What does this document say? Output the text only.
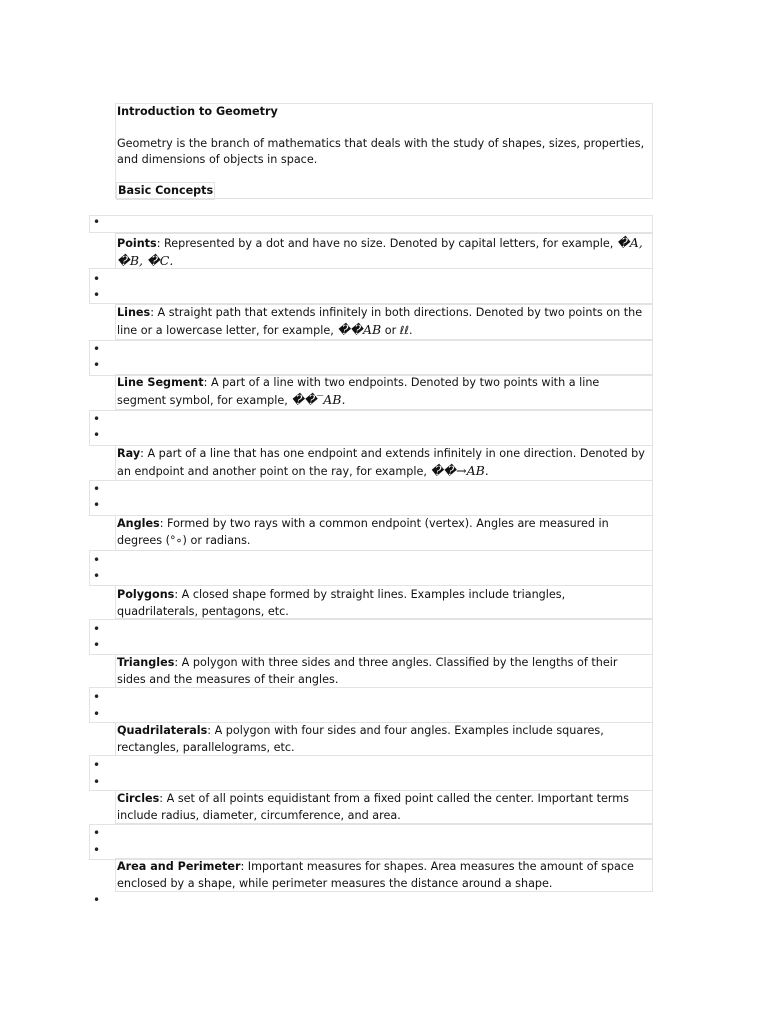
Introduction to Geometry
Geometry is the branch of mathematics that deals with the study of shapes, sizes, properties, and dimensions of objects in space.
Basic Concepts
•
•
•
Points: Represented by a dot and have no size. Denoted by capital letters, for example, �𝐴, �𝐵, �𝐶.
•
•
Lines: A straight path that extends infinitely in both directions. Denoted by two points on the line or a lowercase letter, for example, ��𝐴𝐵 or ℓℓ.
•
•
Line Segment: A part of a line with two endpoints. Denoted by two points with a line segment symbol, for example, ��‾𝐴𝐵.
•
•
Ray: A part of a line that has one endpoint and extends infinitely in one direction. Denoted by an endpoint and another point on the ray, for example, ��→𝐴𝐵.
•
•
Angles: Formed by two rays with a common endpoint (vertex). Angles are measured in degrees (°∘) or radians.
•
•
Polygons: A closed shape formed by straight lines. Examples include triangles, quadrilaterals, pentagons, etc.
•
•
Triangles: A polygon with three sides and three angles. Classified by the lengths of their sides and the measures of their angles.
•
•
Quadrilaterals: A polygon with four sides and four angles. Examples include squares, rectangles, parallelograms, etc.
•
•
Circles: A set of all points equidistant from a fixed point called the center. Important terms include radius, diameter, circumference, and area.
•
Area and Perimeter: Important measures for shapes. Area measures the amount of space enclosed by a shape, while perimeter measures the distance around a shape.
